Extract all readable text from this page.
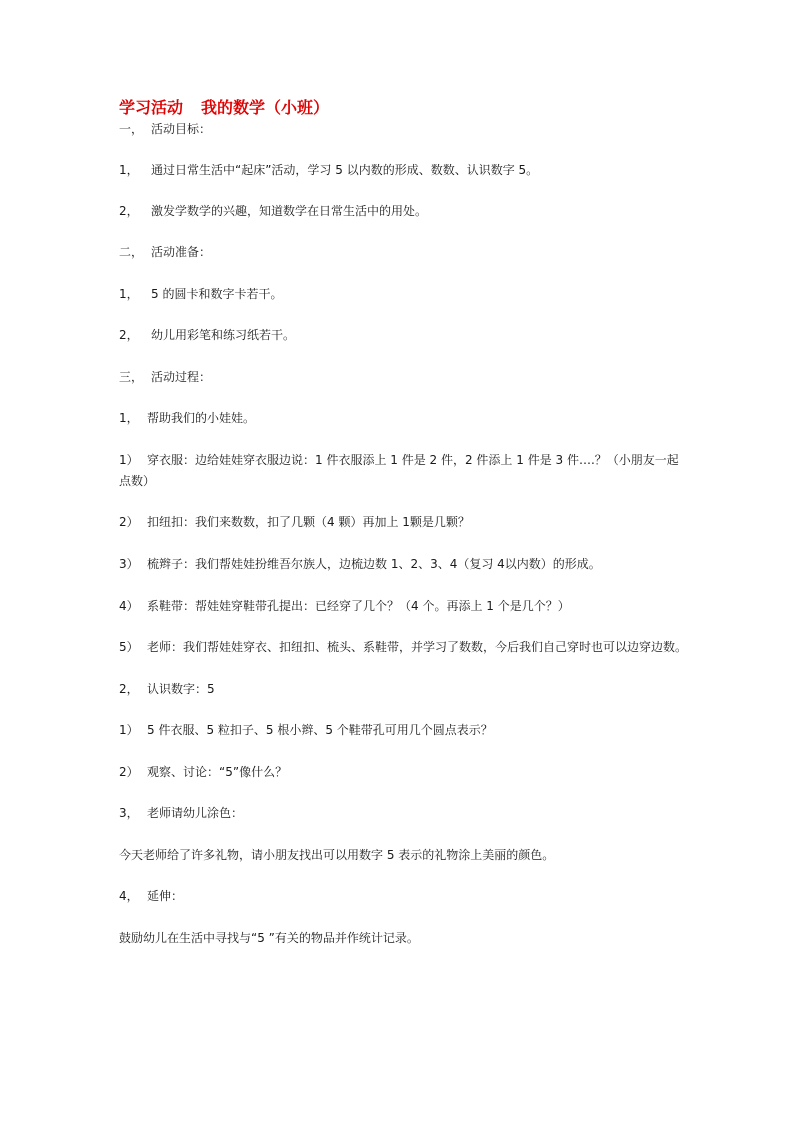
学习活动 我的数学（小班）
一， 活动目标：
1， 通过日常生活中“起床”活动，学习 5 以内数的形成、数数、认识数字 5。
2， 激发学数学的兴趣，知道数学在日常生活中的用处。
二， 活动准备：
1， 5 的圆卡和数字卡若干。
2， 幼儿用彩笔和练习纸若干。
三， 活动过程：
1， 帮助我们的小娃娃。
1） 穿衣服：边给娃娃穿衣服边说：1 件衣服添上 1 件是 2 件，2 件添上 1 件是 3 件….？（小朋友一起
点数）
2） 扣纽扣：我们来数数，扣了几颗（4 颗）再加上 1颗是几颗？
3） 梳辫子：我们帮娃娃扮维吾尔族人，边梳边数 1、2、3、4（复习 4以内数）的形成。
4） 系鞋带：帮娃娃穿鞋带孔提出：已经穿了几个？（4 个。再添上 1 个是几个？）
5） 老师：我们帮娃娃穿衣、扣纽扣、梳头、系鞋带，并学习了数数，今后我们自己穿时也可以边穿边数。
2， 认识数字：5
1） 5 件衣服、5 粒扣子、5 根小辫、5 个鞋带孔可用几个圆点表示？
2） 观察、讨论：“5”像什么？
3， 老师请幼儿涂色：
今天老师给了许多礼物，请小朋友找出可以用数字 5 表示的礼物涂上美丽的颜色。
4， 延伸：
鼓励幼儿在生活中寻找与“5 ”有关的物品并作统计记录。
